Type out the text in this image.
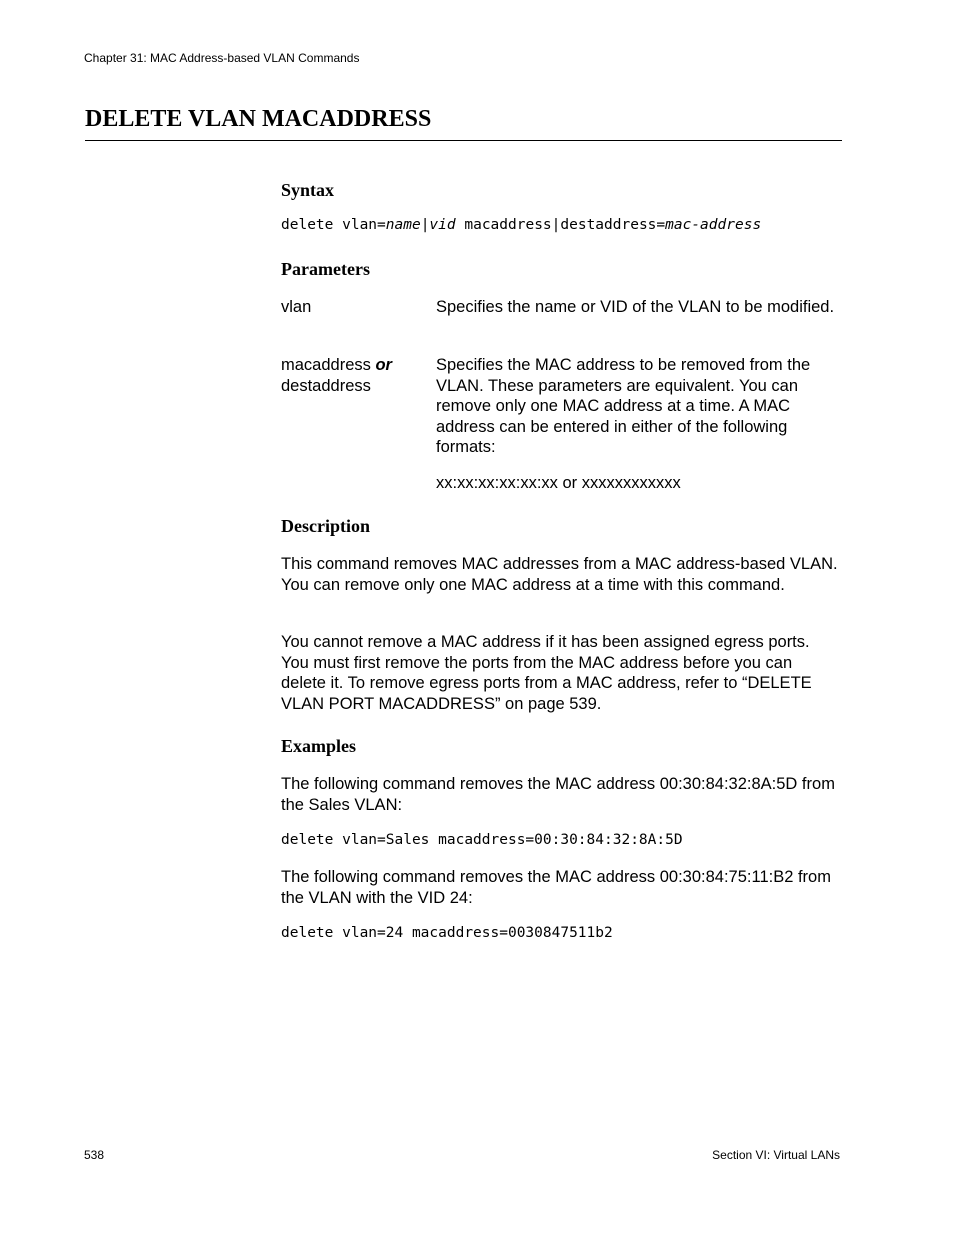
Chapter 31: MAC Address-based VLAN Commands
DELETE VLAN MACADDRESS
Syntax
delete vlan=name|vid macaddress|destaddress=mac-address
Parameters
vlan	Specifies the name or VID of the VLAN to be modified.

macaddress or
destaddress

Specifies the MAC address to be removed from the VLAN. These parameters are equivalent. You can remove only one MAC address at a time. A MAC address can be entered in either of the following formats:

xx:xx:xx:xx:xx:xx or xxxxxxxxxxxx

Description

This command removes MAC addresses from a MAC address-based VLAN. You can remove only one MAC address at a time with this command.

You cannot remove a MAC address if it has been assigned egress ports. You must first remove the ports from the MAC address before you can delete it. To remove egress ports from a MAC address, refer to “DELETE VLAN PORT MACADDRESS” on page 539.

Examples

The following command removes the MAC address 00:30:84:32:8A:5D from the Sales VLAN:

delete vlan=Sales macaddress=00:30:84:32:8A:5D

The following command removes the MAC address 00:30:84:75:11:B2 from the VLAN with the VID 24:

delete vlan=24 macaddress=0030847511b2
538	Section VI: Virtual LANs
